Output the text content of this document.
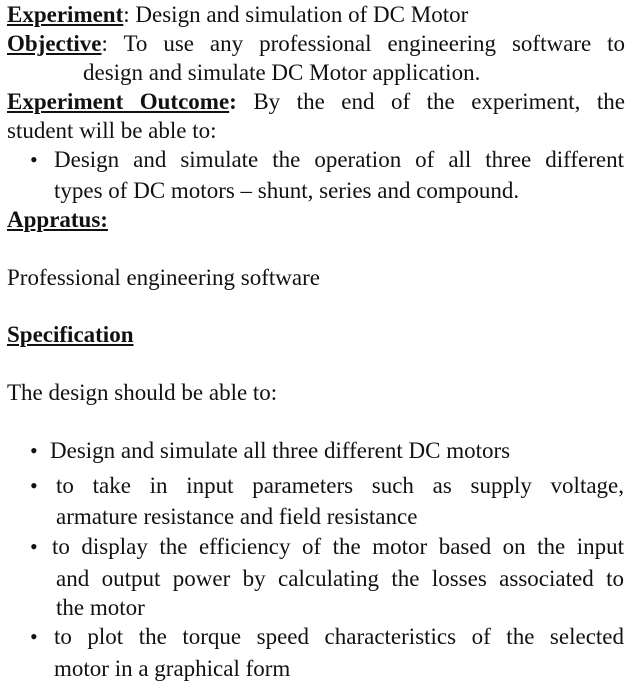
Experiment: Design and simulation of DC Motor
Objective: To use any professional engineering software to
design and simulate DC Motor application.
Experiment Outcome: By the end of the experiment, the
student will be able to:
• Design and simulate the operation of all three different
types of DC motors – shunt, series and compound.
Appratus:
Professional engineering software
Specification
The design should be able to:
• Design and simulate all three different DC motors
• to take in input parameters such as supply voltage,
armature resistance and field resistance
• to display the efficiency of the motor based on the input
and output power by calculating the losses associated to
the motor
• to plot the torque speed characteristics of the selected
motor in a graphical form
